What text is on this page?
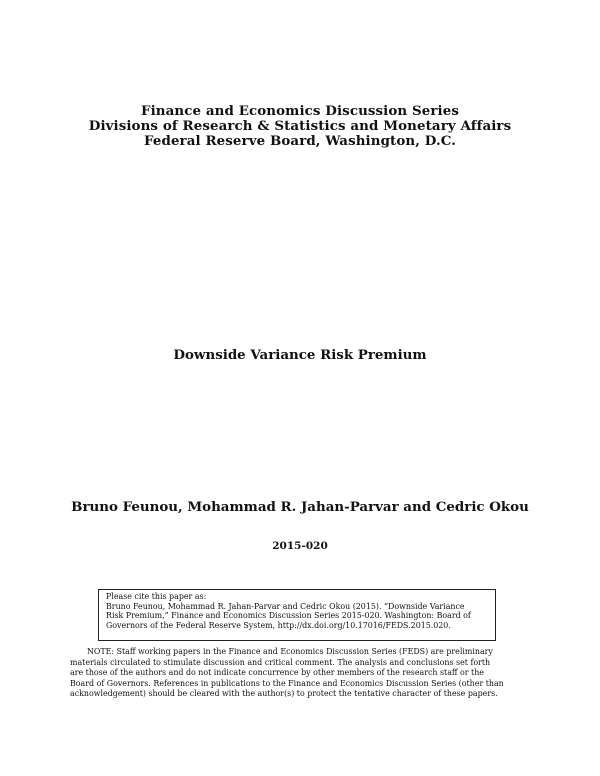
Finance and Economics Discussion Series
Divisions of Research & Statistics and Monetary Affairs
Federal Reserve Board, Washington, D.C.
Downside Variance Risk Premium
Bruno Feunou, Mohammad R. Jahan-Parvar and Cedric Okou
2015-020
Please cite this paper as:
Bruno Feunou, Mohammad R. Jahan-Parvar and Cedric Okou (2015). “Downside Variance
Risk Premium,” Finance and Economics Discussion Series 2015-020. Washington: Board of
Governors of the Federal Reserve System, http://dx.doi.org/10.17016/FEDS.2015.020.
NOTE: Staff working papers in the Finance and Economics Discussion Series (FEDS) are preliminary
materials circulated to stimulate discussion and critical comment. The analysis and conclusions set forth
are those of the authors and do not indicate concurrence by other members of the research staff or the
Board of Governors. References in publications to the Finance and Economics Discussion Series (other than
acknowledgement) should be cleared with the author(s) to protect the tentative character of these papers.
